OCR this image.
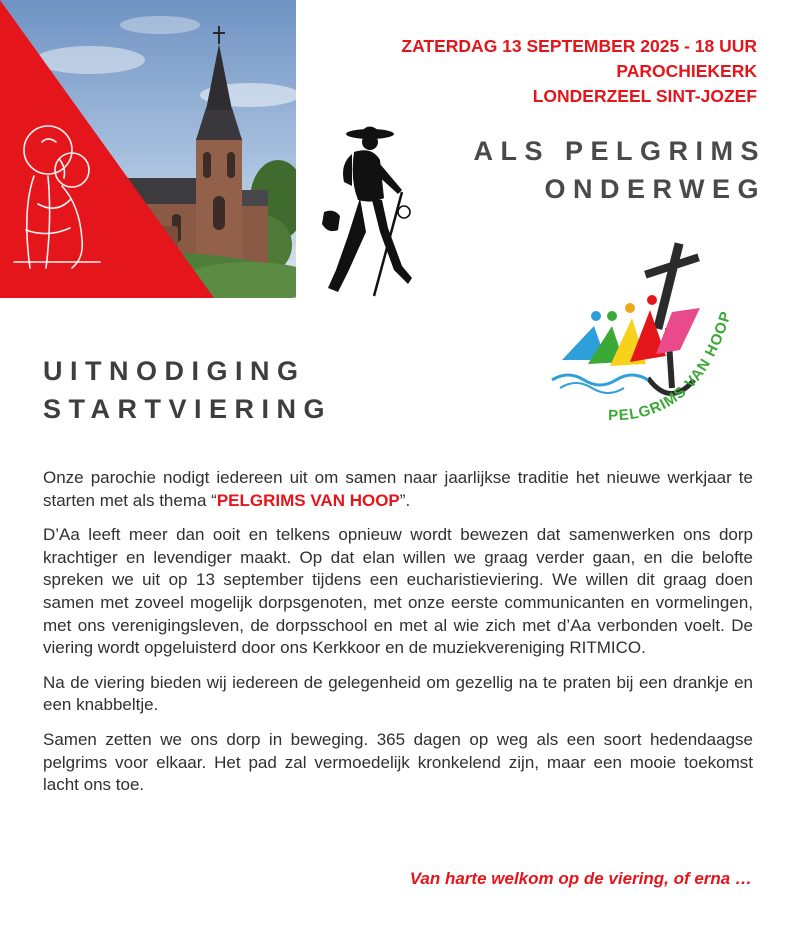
ZATERDAG 13 SEPTEMBER 2025 - 18 UUR
PAROCHIEKERK
LONDERZEEL SINT-JOZEF
ALS PELGRIMS
ONDERWEG
PELGRIMS VAN HOOP
UITNODIGING
STARTVIERING

Onze parochie nodigt iedereen uit om samen naar jaarlijkse traditie het nieuwe werkjaar te starten met als thema “PELGRIMS VAN HOOP”.

D’Aa leeft meer dan ooit en telkens opnieuw wordt bewezen dat samenwerken ons dorp krachtiger en levendiger maakt. Op dat elan willen we graag verder gaan, en die belofte spreken we uit op 13 september tijdens een eucharistieviering. We willen dit graag doen samen met zoveel mogelijk dorpsgenoten, met onze eerste communicanten en vormelingen, met ons verenigingsleven, de dorpsschool en met al wie zich met d’Aa verbonden voelt. De viering wordt opgeluisterd door ons Kerkkoor en de muziekvereniging RITMICO.

Na de viering bieden wij iedereen de gelegenheid om gezellig na te praten bij een drankje en een knabbeltje.

Samen zetten we ons dorp in beweging. 365 dagen op weg als een soort hedendaagse pelgrims voor elkaar. Het pad zal vermoedelijk kronkelend zijn, maar een mooie toekomst lacht ons toe.

Van harte welkom op de viering, of erna …
